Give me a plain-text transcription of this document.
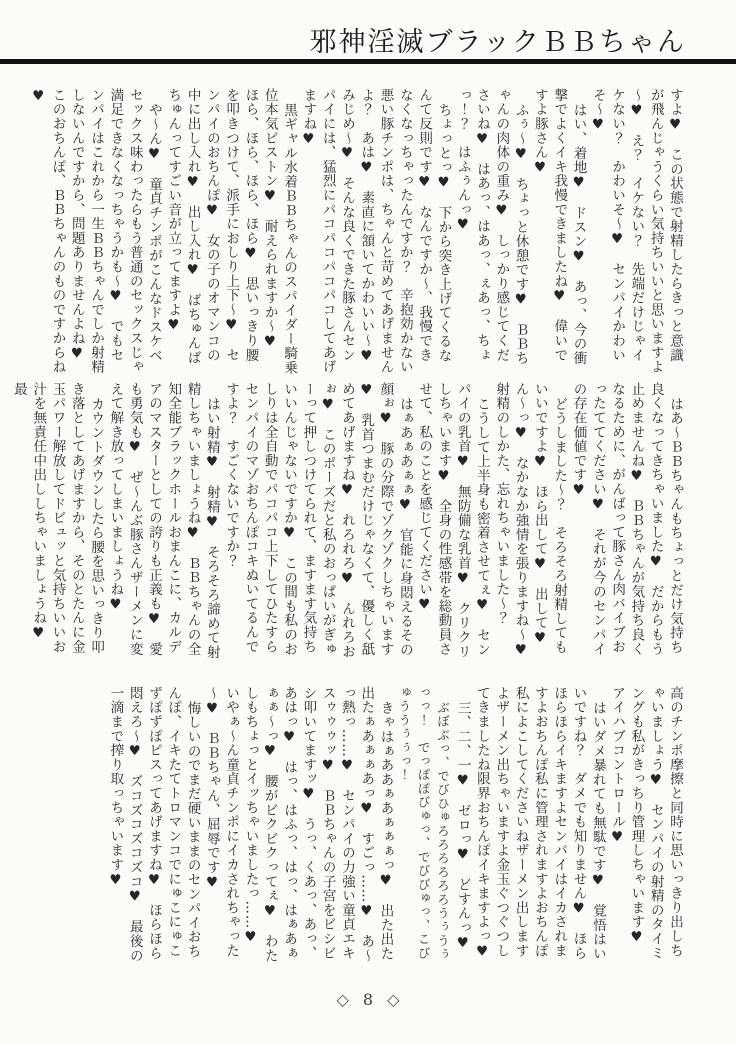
邪神淫滅ブラックＢＢちゃん

すよ♥　この状態で射精したらきっと意識が飛んじゃうくらい気持ちいいと思いますよ～♥　え？　イケない？　先端だけじゃイケない？　かわいそ～♥　センパイかわいそ～♥

はい、着地♥　ドスン♥　あっ、今の衝撃でよくイキ我慢できましたね♥　偉いですよ豚さん♥

ふぅ～♥　ちょっと休憩です♥　ＢＢちゃんの肉体の重み♥　しっかり感じてくださいね♥　はあっ、はあっ、ぇあっ、ちょっ！？　はふぅんっ♥

ちょっとっ♥　下から突き上げてくるなんて反則です♥　なんですか～、我慢できなくなっちゃったんですか？　辛抱効かない悪い豚チンポは、ちゃんと苛めてあげませんよ？　あは♥　素直に頷いてかわいい～♥　みじめ～♥　そんな良くできた豚さんセンパイには、猛烈にパコパコパコパコしてあげますね♥

黒ギャル水着ＢＢちゃんのスパイダー騎乗位本気ピストン♥　耐えられますか～♥　ほら、ほら、ほら、ほら♥　思いっきり腰を叩きつけて、派手におしり上下～♥　センパイのおちんぽ♥　女の子のオマンコの中に出し入れ♥　出し入れ♥　ばちゅんばちゅんってすごい音が立ってますよ♥

や～ん♥　童貞チンポがこんなドスケベセックス味わったらもう普通のセックスじゃ満足できなくなっちゃうかも～♥　でもセンパイはこれから一生ＢＢちゃんでしか射精しないんですから、問題ありませんよね♥　このおちんぽ、ＢＢちゃんのものですからね♥

はあ～ＢＢちゃんもちょっとだけ気持ち良くなってきちゃいました♥　だからもう止めませんね♥　ＢＢちゃんが気持ち良くなるために、がんばって豚さん肉バイブおったててください♥　それが今のセンパイの存在価値です♥

どうしました～？　そろそろ射精してもいいですよ♥　ほら出して♥　出して♥　ん～っ♥　なかなか強情を張りますね～♥　射精のしかた、忘れちゃいました～？

こうして上半身も密着させてぇ♥　センパイの乳首♥　無防備な乳首♥　クリクリしちゃいます♥　全身の性感帯を総動員させて、私のことを感じてください♥

はぁあぁあぁぁ♥　官能に身悶えるその顔ぉ♥　豚の分際でゾクゾクしちゃいます♥　乳首つまむだけじゃなくて、優しく舐めてあげますね♥　れろれろ♥　んれろおぉ♥　このポーズだと私のおっぱいがぎゅーって押しつけてられて、ますます気持ちいいんじゃないですか♥　この間も私のおしりは全自動でパコパコ上下してひたすらセンパイのマゾおちんぽコキぬいてるんですよ？　すごくないですか？

はい射精♥　射精♥　そろそろ諦めて射精しちゃいましょうね♥　ＢＢちゃんの全知全能ブラックホールおまんこに、カルデアのマスターとしての誇りも正義も♥　愛も勇気も♥　ぜ～んぶ豚さんザーメンに変えて解き放ってしまいましょうね♥

カウントダウンしたら腰を思いっきり叩き落としてあげますから、そのとたんに金玉パワー解放してドビュッと気持ちいいお汁を無責任中出ししちゃいましょうね♥　最

高のチンポ摩擦と同時に思いっきり出しちゃいましょう♥　センパイの射精のタイミングも私がきっちり管理しちゃいます♥　アイハブコントロール♥

はいダメ暴れても無駄です♥　覚悟はいいですね？　ダメでも知りません♥　ほらほらほらイキますよセンパイはイカされますよおちんぽ私に管理されますよおちんぽ私によこしてくださいねザーメン出しますよザーメン出ちゃいますよ金玉ぐつぐつしてきましたね限界おちんぽイキますよっ♥

三、二、一♥　ゼロっ♥　どすんっ♥

ぶぼぶっ、でびひゅろろろろろろうぅうぅっっ！　でっぽぽびゅっ、でびびゅっ、こびゅううぅぅっ！

きゃはぁああぁあぁぁぁっ♥　出た出た出たぁあぁぁあっ♥　すごっ……♥　あ～っ熱っ……♥　センパイの力強い童貞エキスゥゥゥッ♥　ＢＢちゃんの子宮をビシビシ叩いてますッ♥　うっ、くあっ、あっ、あはっ♥　はっ、はふっ、はっ、はぁあぁぁぁ～っ♥　腰がビクビクってぇ♥　わたしもちょっとイッちゃいましたっ……♥　いやぁ～ん童貞チンポにイカされちゃった～♥　ＢＢちゃん、屈辱です♥

悔しいのでまだ硬いままのセンパイおちんぽ、イキたてトロマンコでにゅこにゅこずぽずぽピスってあげますね♥　ほらほら悶えろ～♥　ズコズコズコズコ♥　最後の一滴まで搾り取っちゃいます♥

◇ 8 ◇
